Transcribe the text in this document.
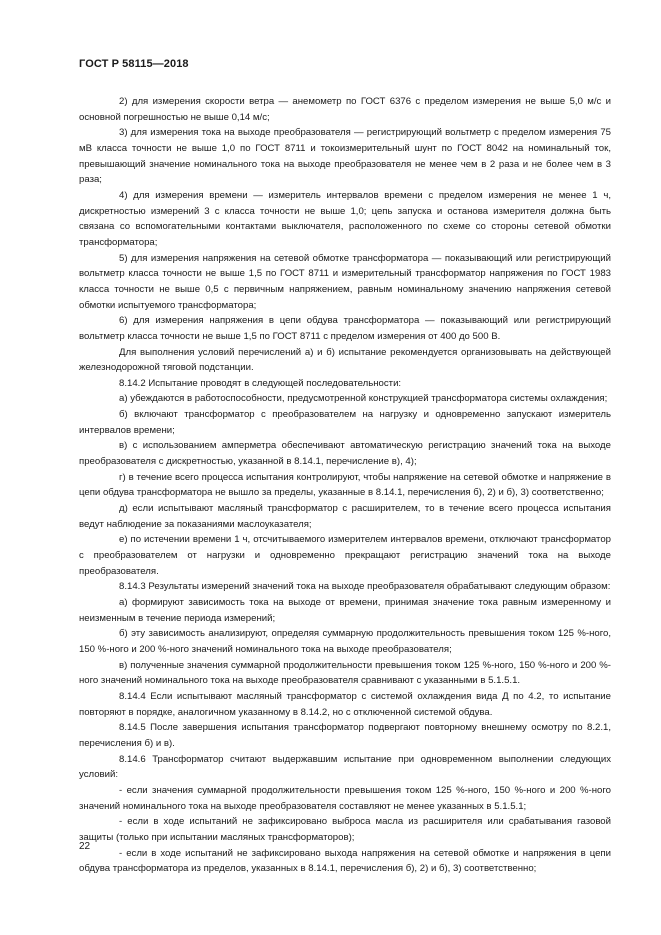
ГОСТ Р 58115—2018

2) для измерения скорости ветра — анемометр по ГОСТ 6376 с пределом измерения не выше 5,0 м/с и основной погрешностью не выше 0,14 м/с;

3) для измерения тока на выходе преобразователя — регистрирующий вольтметр с пределом измерения 75 мВ класса точности не выше 1,0 по ГОСТ 8711 и токоизмерительный шунт по ГОСТ 8042 на номинальный ток, превышающий значение номинального тока на выходе преобразователя не менее чем в 2 раза и не более чем в 3 раза;

4) для измерения времени — измеритель интервалов времени с пределом измерения не менее 1 ч, дискретностью измерений 3 с класса точности не выше 1,0; цепь запуска и останова измерителя должна быть связана со вспомогательными контактами выключателя, расположенного по схеме со стороны сетевой обмотки трансформатора;

5) для измерения напряжения на сетевой обмотке трансформатора — показывающий или регистрирующий вольтметр класса точности не выше 1,5 по ГОСТ 8711 и измерительный трансформатор напряжения по ГОСТ 1983 класса точности не выше 0,5 с первичным напряжением, равным номинальному значению напряжения сетевой обмотки испытуемого трансформатора;

6) для измерения напряжения в цепи обдува трансформатора — показывающий или регистрирующий вольтметр класса точности не выше 1,5 по ГОСТ 8711 с пределом измерения от 400 до 500 В.

Для выполнения условий перечислений а) и б) испытание рекомендуется организовывать на действующей железнодорожной тяговой подстанции.

8.14.2 Испытание проводят в следующей последовательности:

а) убеждаются в работоспособности, предусмотренной конструкцией трансформатора системы охлаждения;

б) включают трансформатор с преобразователем на нагрузку и одновременно запускают измеритель интервалов времени;

в) с использованием амперметра обеспечивают автоматическую регистрацию значений тока на выходе преобразователя с дискретностью, указанной в 8.14.1, перечисление в), 4);

г) в течение всего процесса испытания контролируют, чтобы напряжение на сетевой обмотке и напряжение в цепи обдува трансформатора не вышло за пределы, указанные в 8.14.1, перечисления б), 2) и б), 3) соответственно;

д) если испытывают масляный трансформатор с расширителем, то в течение всего процесса испытания ведут наблюдение за показаниями маслоуказателя;

е) по истечении времени 1 ч, отсчитываемого измерителем интервалов времени, отключают трансформатор с преобразователем от нагрузки и одновременно прекращают регистрацию значений тока на выходе преобразователя.

8.14.3 Результаты измерений значений тока на выходе преобразователя обрабатывают следующим образом:

а) формируют зависимость тока на выходе от времени, принимая значение тока равным измеренному и неизменным в течение периода измерений;

б) эту зависимость анализируют, определяя суммарную продолжительность превышения током 125 %-ного, 150 %-ного и 200 %-ного значений номинального тока на выходе преобразователя;

в) полученные значения суммарной продолжительности превышения током 125 %-ного, 150 %-ного и 200 %-ного значений номинального тока на выходе преобразователя сравнивают с указанными в 5.1.5.1.

8.14.4 Если испытывают масляный трансформатор с системой охлаждения вида Д по 4.2, то испытание повторяют в порядке, аналогичном указанному в 8.14.2, но с отключенной системой обдува.

8.14.5 После завершения испытания трансформатор подвергают повторному внешнему осмотру по 8.2.1, перечисления б) и в).

8.14.6 Трансформатор считают выдержавшим испытание при одновременном выполнении следующих условий:

- если значения суммарной продолжительности превышения током 125 %-ного, 150 %-ного и 200 %-ного значений номинального тока на выходе преобразователя составляют не менее указанных в 5.1.5.1;

- если в ходе испытаний не зафиксировано выброса масла из расширителя или срабатывания газовой защиты (только при испытании масляных трансформаторов);

- если в ходе испытаний не зафиксировано выхода напряжения на сетевой обмотке и напряжения в цепи обдува трансформатора из пределов, указанных в 8.14.1, перечисления б), 2) и б), 3) соответственно;

22
